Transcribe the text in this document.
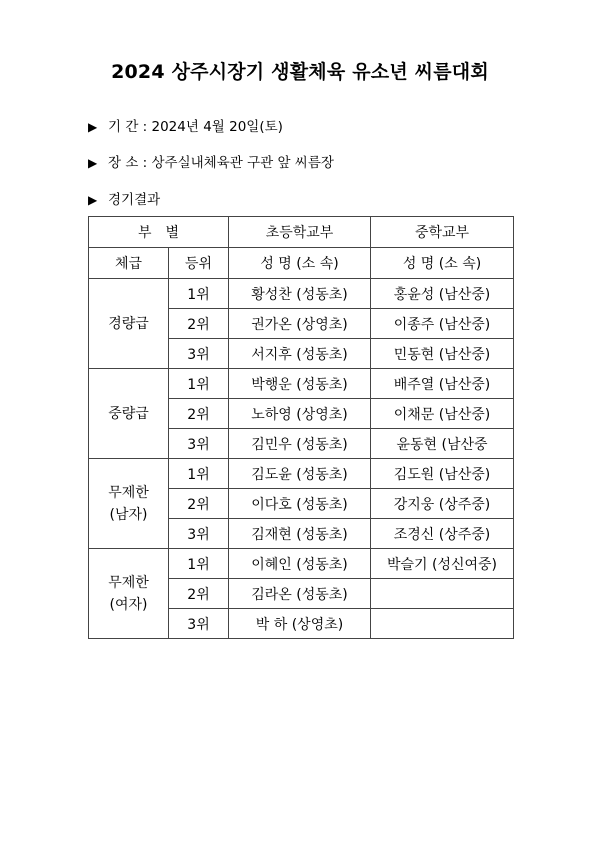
2024 상주시장기 생활체육 유소년 씨름대회
▶ 기 간 : 2024년 4월 20일(토)
▶ 장 소 : 상주실내체육관 구관 앞 씨름장
▶ 경기결과
부　별		초등학교부	중학교부
체급	등위	성 명 (소 속)	성 명 (소 속)

경량급	1위	황성찬 (성동초)	홍윤성 (남산중)
	2위	권가온 (상영초)	이종주 (남산중)
	3위	서지후 (성동초)	민동현 (남산중)

중량급	1위	박행운 (성동초)	배주열 (남산중)
	2위	노하영 (상영초)	이채문 (남산중)
	3위	김민우 (성동초)	윤동현 (남산중

무제한
(남자)	1위	김도윤 (성동초)	김도원 (남산중)
	2위	이다호 (성동초)	강지웅 (상주중)
	3위	김재현 (성동초)	조경신 (상주중)

무제한
(여자)	1위	이혜인 (성동초)	박슬기 (성신여중)
	2위	김라온 (성동초)	
	3위	박 하 (상영초)	
